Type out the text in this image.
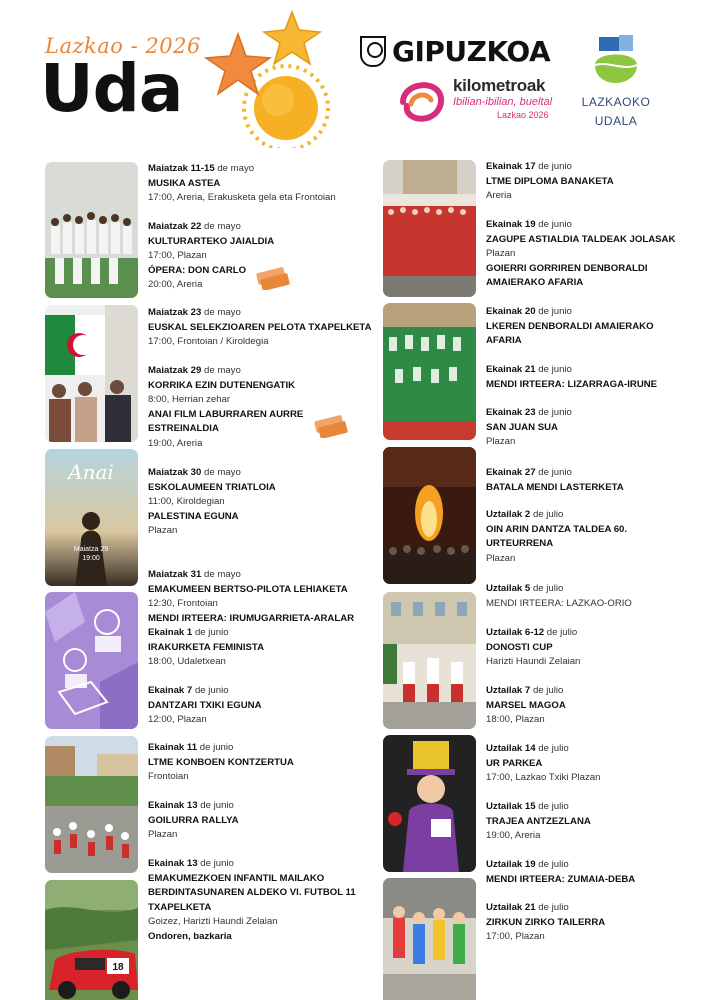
Lazkao - 2026
Uda	GIPUZKOA
kilometroak
Ibilian-ibilian, bueltal
Lazkao 2026
LAZKAOKO
UDALA
Anai
Maiatza 29
19:00
18
Maiatzak 11-15 de mayo
MUSIKA ASTEA
17:00, Areria, Erakusketa gela eta Frontoian
Maiatzak 22 de mayo
KULTURARTEKO JAIALDIA
17:00, Plazan
ÓPERA: DON CARLO
20:00, Areria
Maiatzak 23 de mayo
EUSKAL SELEKZIOAREN PELOTA TXAPELKETA
17:00, Frontoian / Kiroldegia
Maiatzak 29 de mayo
KORRIKA EZIN DUTENENGATIK
8:00, Herrian zehar
ANAI FILM LABURRAREN AURRE
ESTREINALDIA
19:00, Areria
Maiatzak 30 de mayo
ESKOLAUMEEN TRIATLOIA
11:00, Kiroldegian
PALESTINA EGUNA
Plazan
Maiatzak 31 de mayo
EMAKUMEEN BERTSO-PILOTA LEHIAKETA
12:30, Frontoian
MENDI IRTEERA: IRUMUGARRIETA-ARALAR
Ekainak 1 de junio
IRAKURKETA FEMINISTA
18:00, Udaletxean
Ekainak 7 de junio
DANTZARI TXIKI EGUNA
12:00, Plazan
Ekainak 11 de junio
LTME KONBOEN KONTZERTUA
Frontoian
Ekainak 13 de junio
GOILURRA RALLYA
Plazan
Ekainak 13 de junio
EMAKUMEZKOEN INFANTIL MAILAKO
BERDINTASUNAREN ALDEKO VI. FUTBOL 11
TXAPELKETA
Goizez, Harizti Haundi Zelaian
Ondoren, bazkaria
Ekainak 17 de junio
LTME DIPLOMA BANAKETA
Areria
Ekainak 19 de junio
ZAGUPE ASTIALDIA TALDEAK JOLASAK
Plazan
GOIERRI GORRIREN DENBORALDI
AMAIERAKO AFARIA
Ekainak 20 de junio
LKEREN DENBORALDI AMAIERAKO
AFARIA
Ekainak 21 de junio
MENDI IRTEERA: LIZARRAGA-IRUNE
Ekainak 23 de junio
SAN JUAN SUA
Plazan
Ekainak 27 de junio
BATALA MENDI LASTERKETA
Uztailak 2 de julio
OIN ARIN DANTZA TALDEA 60.
URTEURRENA
Plazan
Uztailak 5 de julio
MENDI IRTEERA: LAZKAO-ORIO
Uztailak 6-12 de julio
DONOSTI CUP
Harizti Haundi Zelaian
Uztailak 7 de julio
MARSEL MAGOA
18:00, Plazan
Uztailak 14 de julio
UR PARKEA
17:00, Lazkao Txiki Plazan
Uztailak 15 de julio
TRAJEA ANTZEZLANA
19:00, Areria
Uztailak 19 de julio
MENDI IRTEERA: ZUMAIA-DEBA
Uztailak 21 de julio
ZIRKUN ZIRKO TAILERRA
17:00, Plazan
